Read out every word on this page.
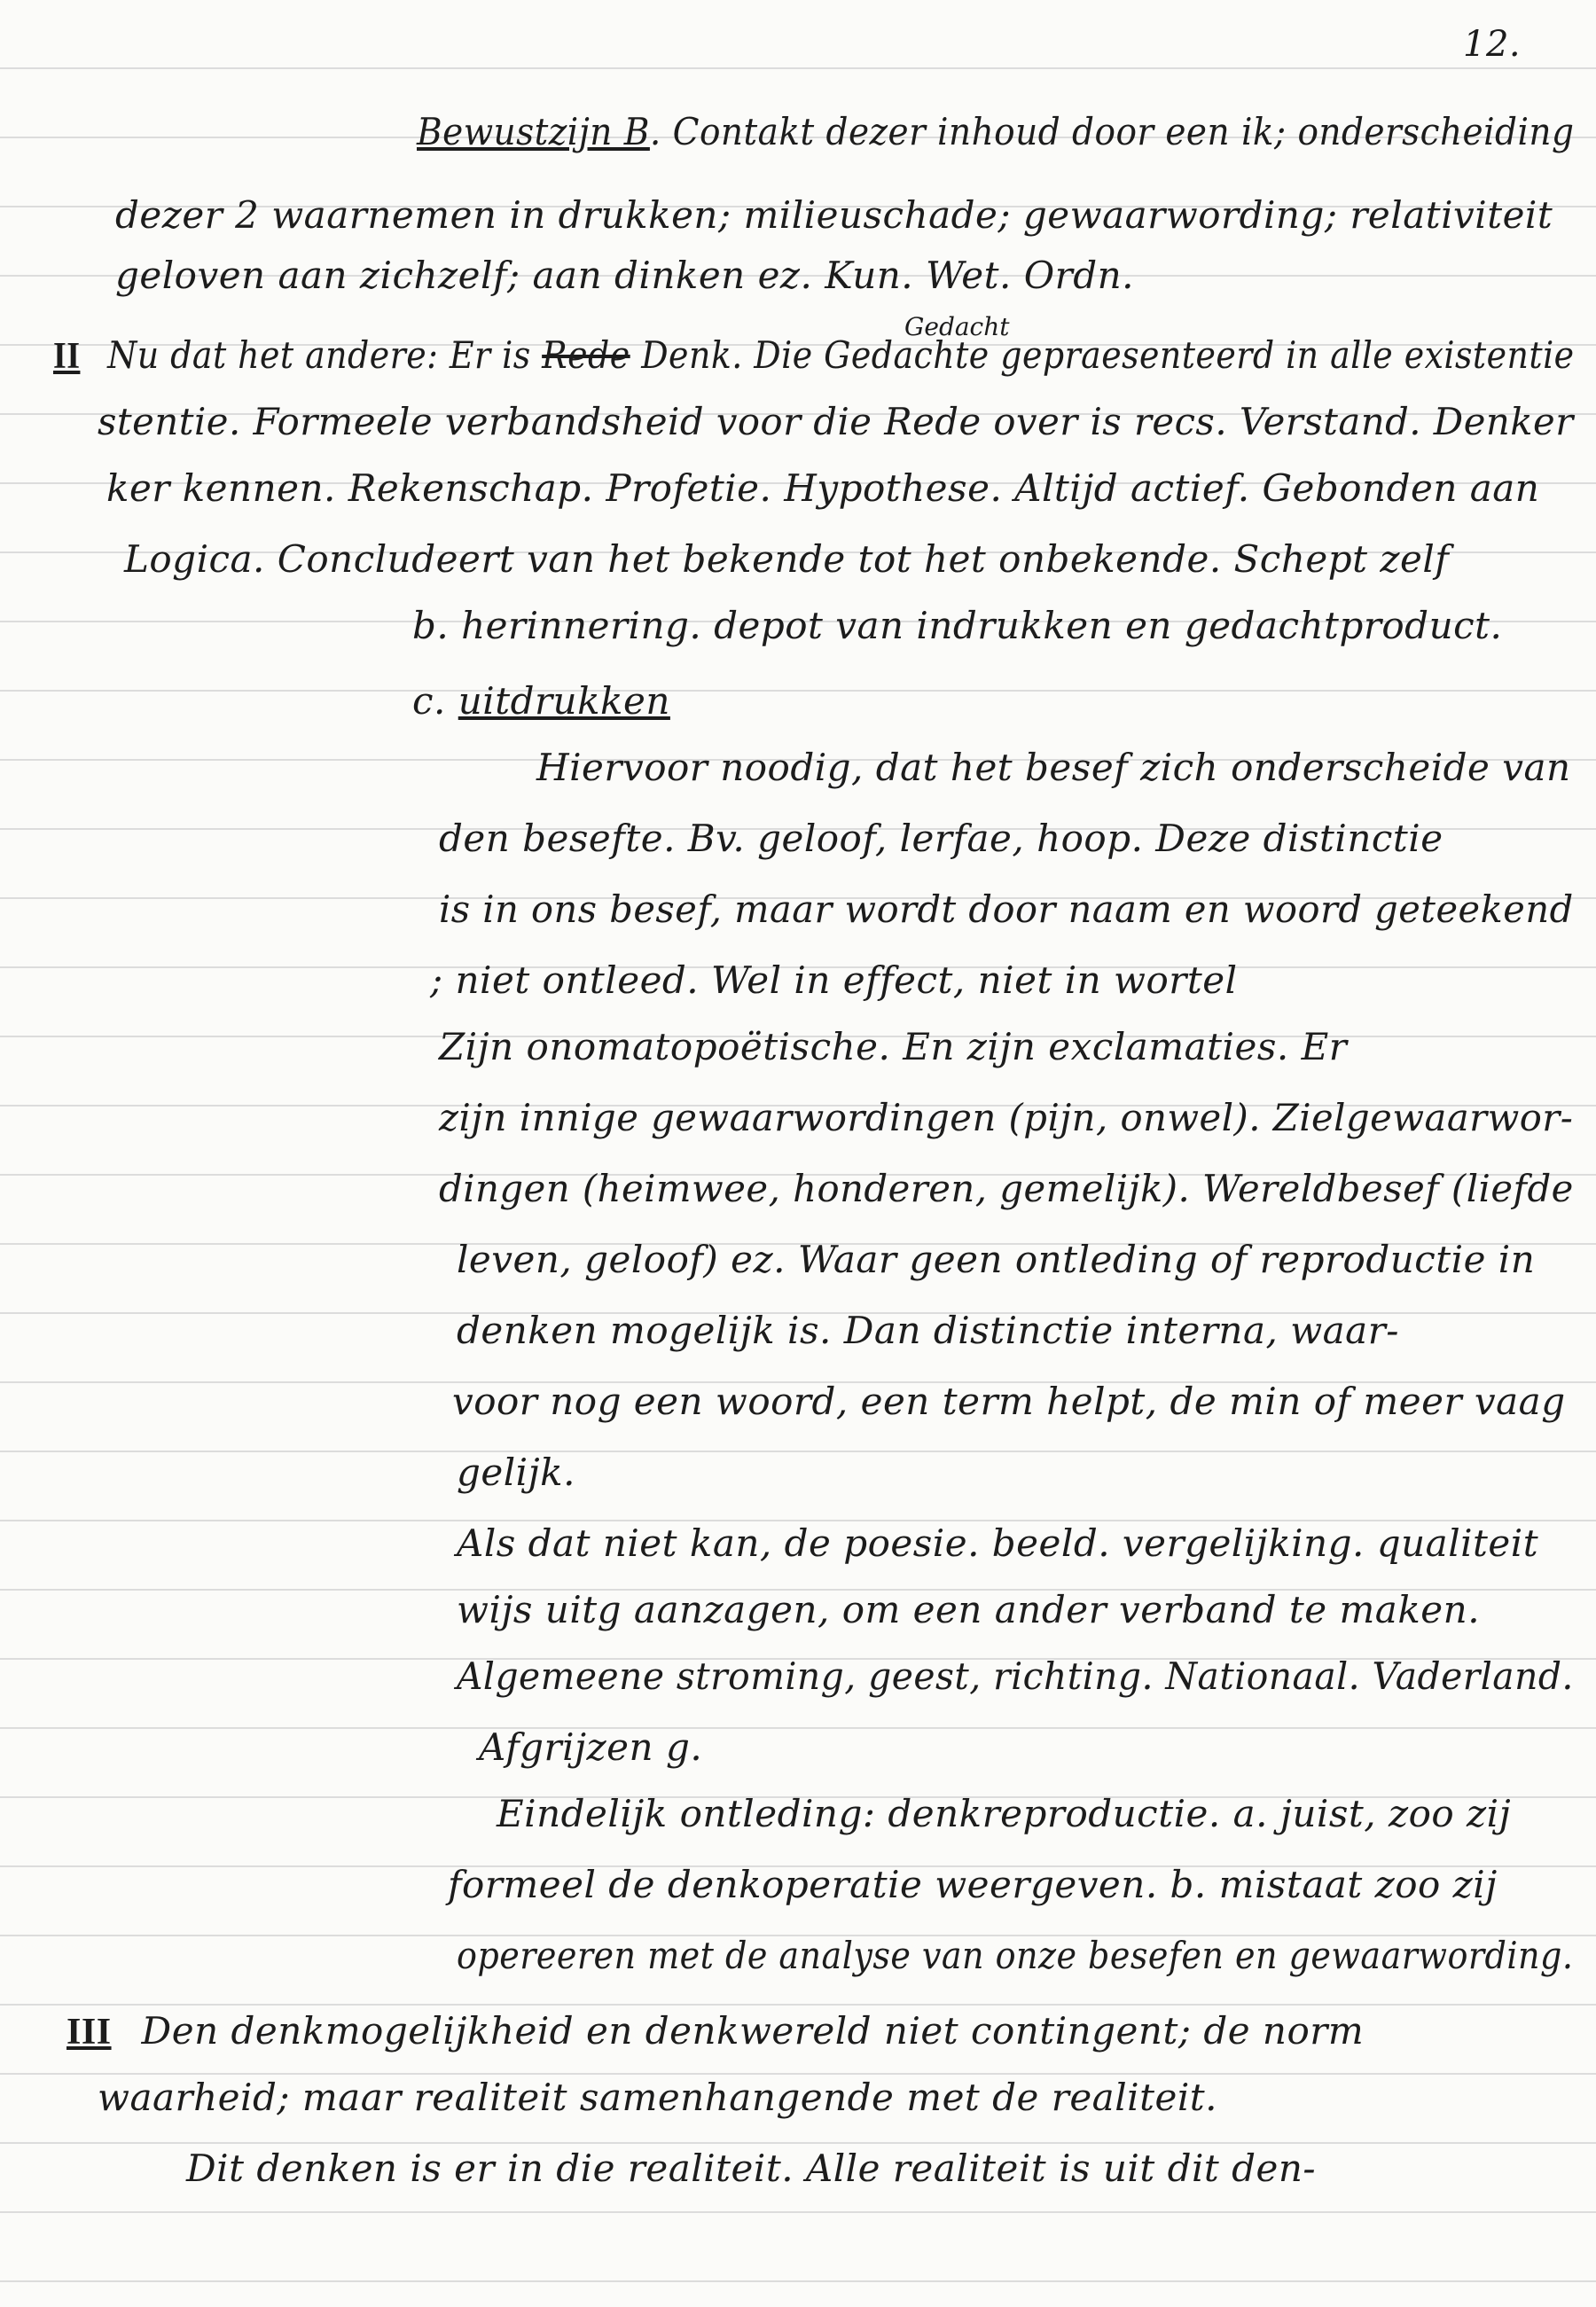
12.
Gedacht
Bewustzijn B. Contakt dezer inhoud door een ik; onderscheiding
dezer 2 waarnemen in drukken; milieuschade; gewaarwording; relativiteit
geloven aan zichzelf; aan dinken ez. Kun. Wet. Ordn.
II Nu dat het andere: Er is Rede Denk. Die Gedachte gepraesenteerd in alle existentie
stentie. Formeele verbandsheid voor die Rede over is recs. Verstand. Denker
ker kennen. Rekenschap. Profetie. Hypothese. Altijd actief. Gebonden aan
Logica. Concludeert van het bekende tot het onbekende. Schept zelf
b. herinnering. depot van indrukken en gedachtproduct.
c. uitdrukken
Hiervoor noodig, dat het besef zich onderscheide van
den besefte. Bv. geloof, lerfae, hoop. Deze distinctie
is in ons besef, maar wordt door naam en woord geteekend
; niet ontleed. Wel in effect, niet in wortel
Zijn onomatopoëtische. En zijn exclamaties. Er
zijn innige gewaarwordingen (pijn, onwel). Zielgewaarwor-
dingen (heimwee, honderen, gemelijk). Wereldbesef (liefde
leven, geloof) ez. Waar geen ontleding of reproductie in
denken mogelijk is. Dan distinctie interna, waar-
voor nog een woord, een term helpt, de min of meer vaag
gelijk.
Als dat niet kan, de poesie. beeld. vergelijking. qualiteit
wijs uitg aanzagen, om een ander verband te maken.
Algemeene stroming, geest, richting. Nationaal. Vaderland.
Afgrijzen g.
Eindelijk ontleding: denkreproductie. a. juist, zoo zij
formeel de denkoperatie weergeven. b. mistaat zoo zij
opereeren met de analyse van onze besefen en gewaarwording.
III Den denkmogelijkheid en denkwereld niet contingent; de norm
waarheid; maar realiteit samenhangende met de realiteit.
Dit denken is er in die realiteit. Alle realiteit is uit dit den-
